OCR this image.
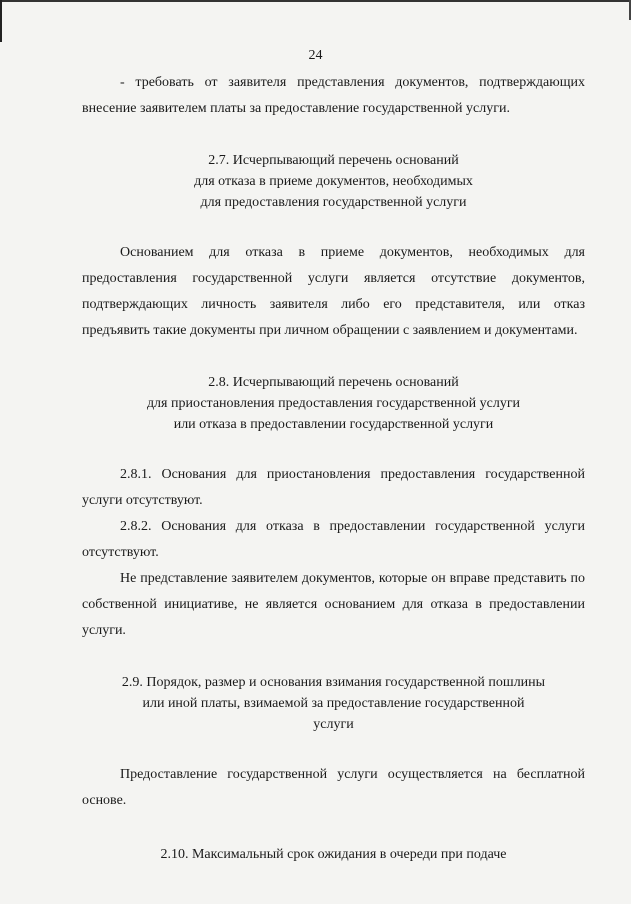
24

- требовать от заявителя представления документов, подтверждающих

внесение заявителем платы за предоставление государственной услуги.

2.7. Исчерпывающий перечень оснований
для отказа в приеме документов, необходимых
для предоставления государственной услуги

Основанием для отказа в приеме документов, необходимых для предоставления государственной услуги является отсутствие документов, подтверждающих личность заявителя либо его представителя, или отказ предъявить такие документы при личном обращении с заявлением и документами.

2.8. Исчерпывающий перечень оснований
для приостановления предоставления государственной услуги
или отказа в предоставлении государственной услуги

2.8.1. Основания для приостановления предоставления государственной услуги отсутствуют.

2.8.2. Основания для отказа в предоставлении государственной услуги отсутствуют.

Не представление заявителем документов, которые он вправе представить по собственной инициативе, не является основанием для отказа в предоставлении услуги.

2.9. Порядок, размер и основания взимания государственной пошлины
или иной платы, взимаемой за предоставление государственной
услуги

Предоставление государственной услуги осуществляется на бесплатной основе.

2.10. Максимальный срок ожидания в очереди при подаче
